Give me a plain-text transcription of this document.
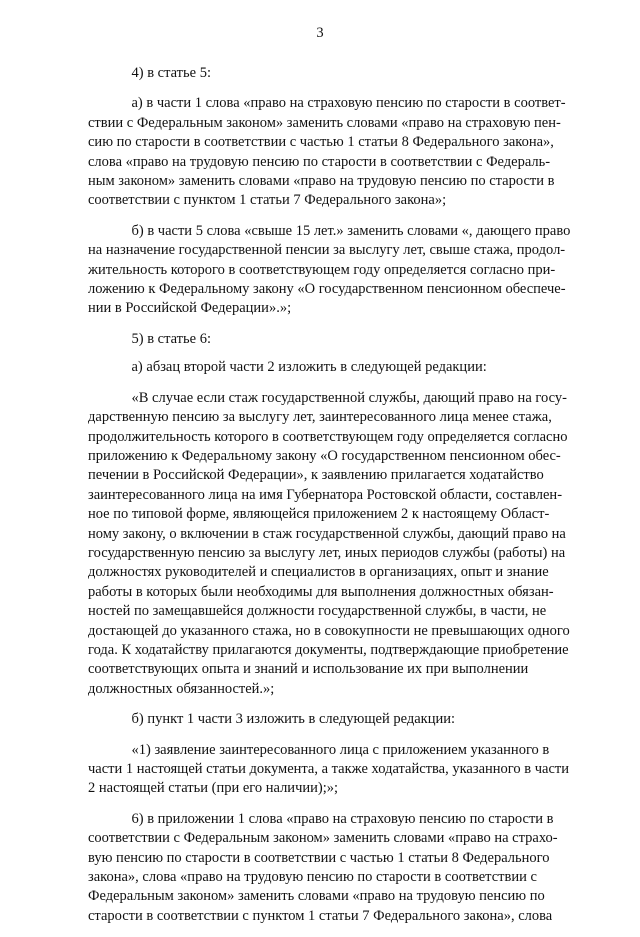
3

4) в статье 5:

а) в части 1 слова «право на страховую пенсию по старости в соответ-
ствии с Федеральным законом» заменить словами «право на страховую пен-
сию по старости в соответствии с частью 1 статьи 8 Федерального закона»,
слова «право на трудовую пенсию по старости в соответствии с Федераль-
ным законом» заменить словами «право на трудовую пенсию по старости в
соответствии с пунктом 1 статьи 7 Федерального закона»;

б) в части 5 слова «свыше 15 лет.» заменить словами «, дающего право
на назначение государственной пенсии за выслугу лет, свыше стажа, продол-
жительность которого в соответствующем году определяется согласно при-
ложению к Федеральному закону «О государственном пенсионном обеспече-
нии в Российской Федерации».»;

5) в статье 6:

а) абзац второй части 2 изложить в следующей редакции:

«В случае если стаж государственной службы, дающий право на госу-
дарственную пенсию за выслугу лет, заинтересованного лица менее стажа,
продолжительность которого в соответствующем году определяется согласно
приложению к Федеральному закону «О государственном пенсионном обес-
печении в Российской Федерации», к заявлению прилагается ходатайство
заинтересованного лица на имя Губернатора Ростовской области, составлен-
ное по типовой форме, являющейся приложением 2 к настоящему Област-
ному закону, о включении в стаж государственной службы, дающий право на
государственную пенсию за выслугу лет, иных периодов службы (работы) на
должностях руководителей и специалистов в организациях, опыт и знание
работы в которых были необходимы для выполнения должностных обязан-
ностей по замещавшейся должности государственной службы, в части, не
достающей до указанного стажа, но в совокупности не превышающих одного
года. К ходатайству прилагаются документы, подтверждающие приобретение
соответствующих опыта и знаний и использование их при выполнении
должностных обязанностей.»;

б) пункт 1 части 3 изложить в следующей редакции:

«1) заявление заинтересованного лица с приложением указанного в
части 1 настоящей статьи документа, а также ходатайства, указанного в части
2 настоящей статьи (при его наличии);»;

6) в приложении 1 слова «право на страховую пенсию по старости в
соответствии с Федеральным законом» заменить словами «право на страхо-
вую пенсию по старости в соответствии с частью 1 статьи 8 Федерального
закона», слова «право на трудовую пенсию по старости в соответствии с
Федеральным законом» заменить словами «право на трудовую пенсию по
старости в соответствии с пунктом 1 статьи 7 Федерального закона», слова
